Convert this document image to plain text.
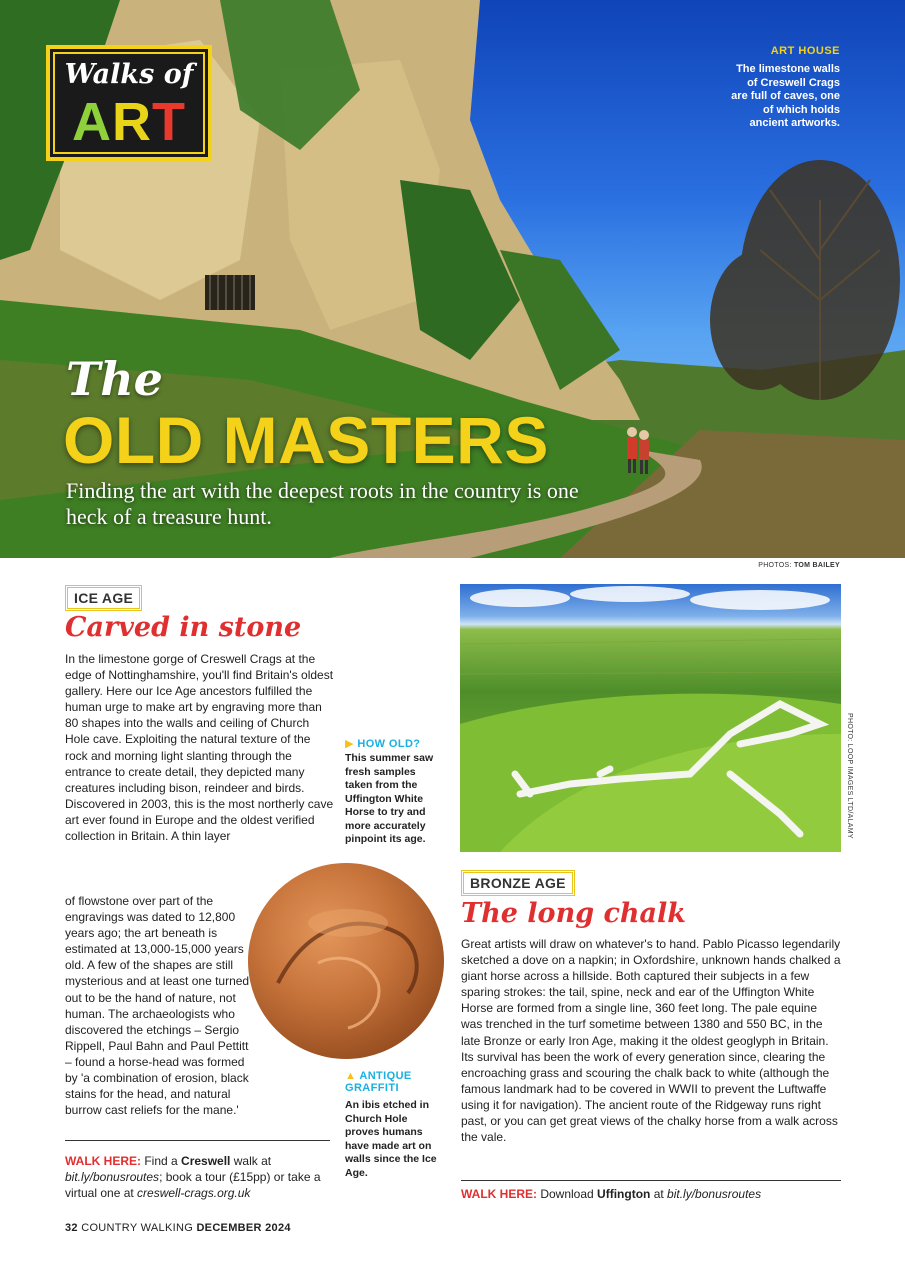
Walks of
ART
ART HOUSE
The limestone walls of Creswell Crags are full of caves, one of which holds ancient artworks.
The
OLD MASTERS
Finding the art with the deepest roots in the country is one heck of a treasure hunt.
PHOTOS: TOM BAILEY
ICE AGE
Carved in stone
In the limestone gorge of Creswell Crags at the edge of Nottinghamshire, you'll find Britain's oldest gallery. Here our Ice Age ancestors fulfilled the human urge to make art by engraving more than 80 shapes into the walls and ceiling of Church Hole cave. Exploiting the natural texture of the rock and morning light slanting through the entrance to create detail, they depicted many creatures including bison, reindeer and birds. Discovered in 2003, this is the most northerly cave art ever found in Europe and the oldest verified collection in Britain. A thin layer
of flowstone over part of the engravings was dated to 12,800 years ago; the art beneath is estimated at 13,000-15,000 years old. A few of the shapes are still mysterious and at least one turned out to be the hand of nature, not human. The archaeologists who discovered the etchings – Sergio Rippell, Paul Bahn and Paul Pettitt – found a horse-head was formed by 'a combination of erosion, black stains for the head, and natural burrow cast reliefs for the mane.'
▶ HOW OLD?
This summer saw fresh samples taken from the Uffington White Horse to try and more accurately pinpoint its age.
▲ ANTIQUE GRAFFITI
An ibis etched in Church Hole proves humans have made art on walls since the Ice Age.
WALK HERE: Find a Creswell walk at bit.ly/bonusroutes; book a tour (£15pp) or take a virtual one at creswell-crags.org.uk
PHOTO: LOOP IMAGES LTD/ALAMY
BRONZE AGE
The long chalk
Great artists will draw on whatever's to hand. Pablo Picasso legendarily sketched a dove on a napkin; in Oxfordshire, unknown hands chalked a giant horse across a hillside. Both captured their subjects in a few sparing strokes: the tail, spine, neck and ear of the Uffington White Horse are formed from a single line, 360 feet long. The pale equine was trenched in the turf sometime between 1380 and 550 BC, in the late Bronze or early Iron Age, making it the oldest geoglyph in Britain. Its survival has been the work of every generation since, clearing the encroaching grass and scouring the chalk back to white (although the famous landmark had to be covered in WWII to prevent the Luftwaffe using it for navigation). The ancient route of the Ridgeway runs right past, or you can get great views of the chalky horse from a walk across the vale.
WALK HERE: Download Uffington at bit.ly/bonusroutes
32 COUNTRY WALKING DECEMBER 2024
